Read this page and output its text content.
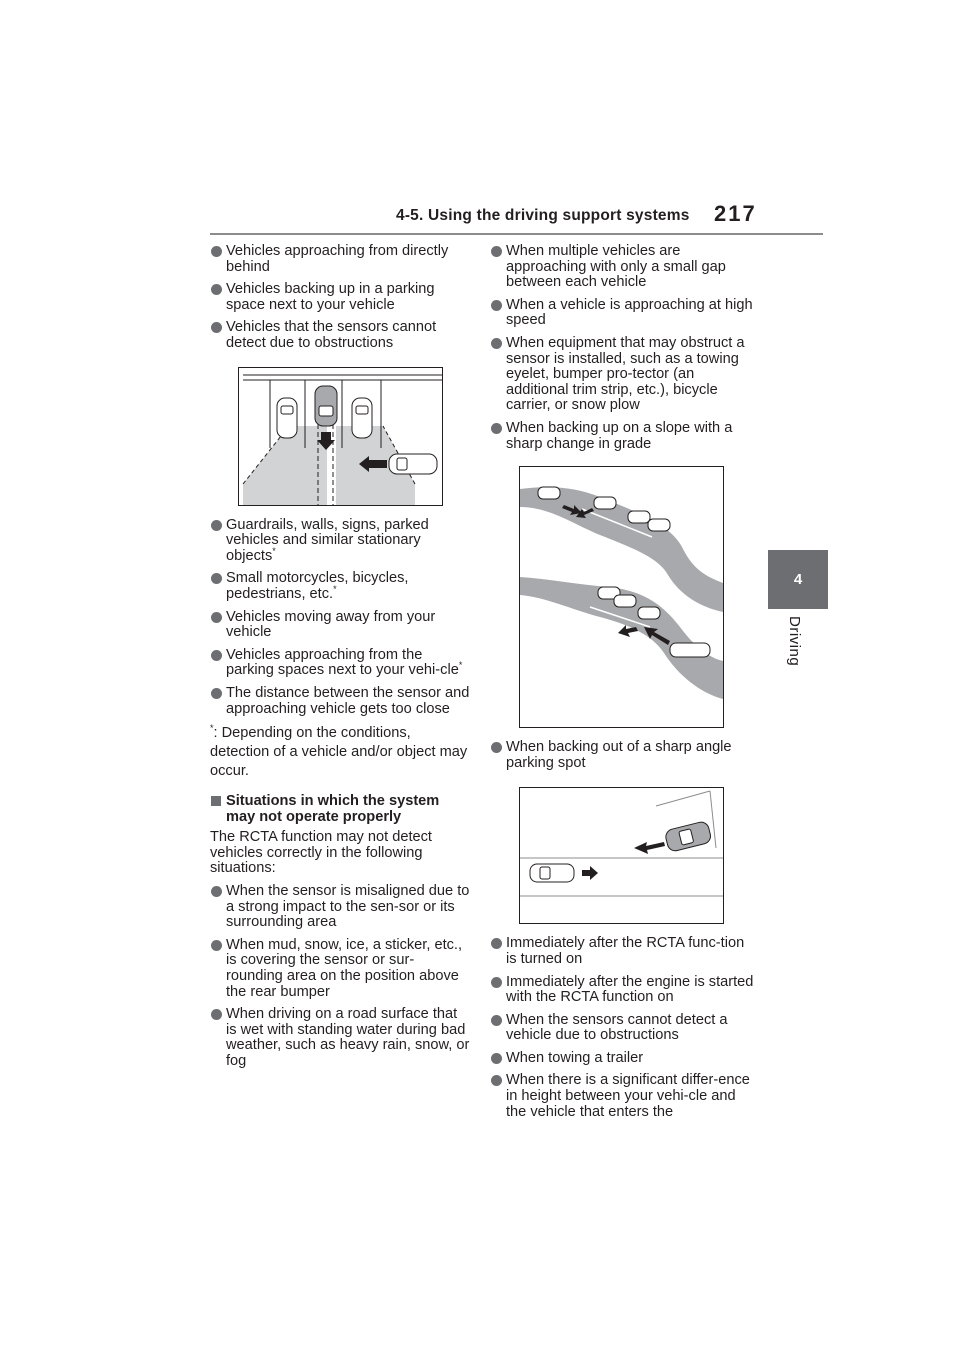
4-5. Using the driving support systems 217
4
Driving
Vehicles approaching from directly behind
Vehicles backing up in a parking space next to your vehicle
Vehicles that the sensors cannot detect due to obstructions
Guardrails, walls, signs, parked vehicles and similar stationary objects*
Small motorcycles, bicycles, pedestrians, etc.*
Vehicles moving away from your vehicle
Vehicles approaching from the parking spaces next to your vehi-cle*
The distance between the sensor and approaching vehicle gets too close
*: Depending on the conditions, detection of a vehicle and/or object may occur.
Situations in which the system may not operate properly
The RCTA function may not detect vehicles correctly in the following situations:
When the sensor is misaligned due to a strong impact to the sen-sor or its surrounding area
When mud, snow, ice, a sticker, etc., is covering the sensor or sur-rounding area on the position above the rear bumper
When driving on a road surface that is wet with standing water during bad weather, such as heavy rain, snow, or fog
When multiple vehicles are approaching with only a small gap between each vehicle
When a vehicle is approaching at high speed
When equipment that may obstruct a sensor is installed, such as a towing eyelet, bumper pro-tector (an additional trim strip, etc.), bicycle carrier, or snow plow
When backing up on a slope with a sharp change in grade
When backing out of a sharp angle parking spot
Immediately after the RCTA func-tion is turned on
Immediately after the engine is started with the RCTA function on
When the sensors cannot detect a vehicle due to obstructions
When towing a trailer
When there is a significant differ-ence in height between your vehi-cle and the vehicle that enters the
